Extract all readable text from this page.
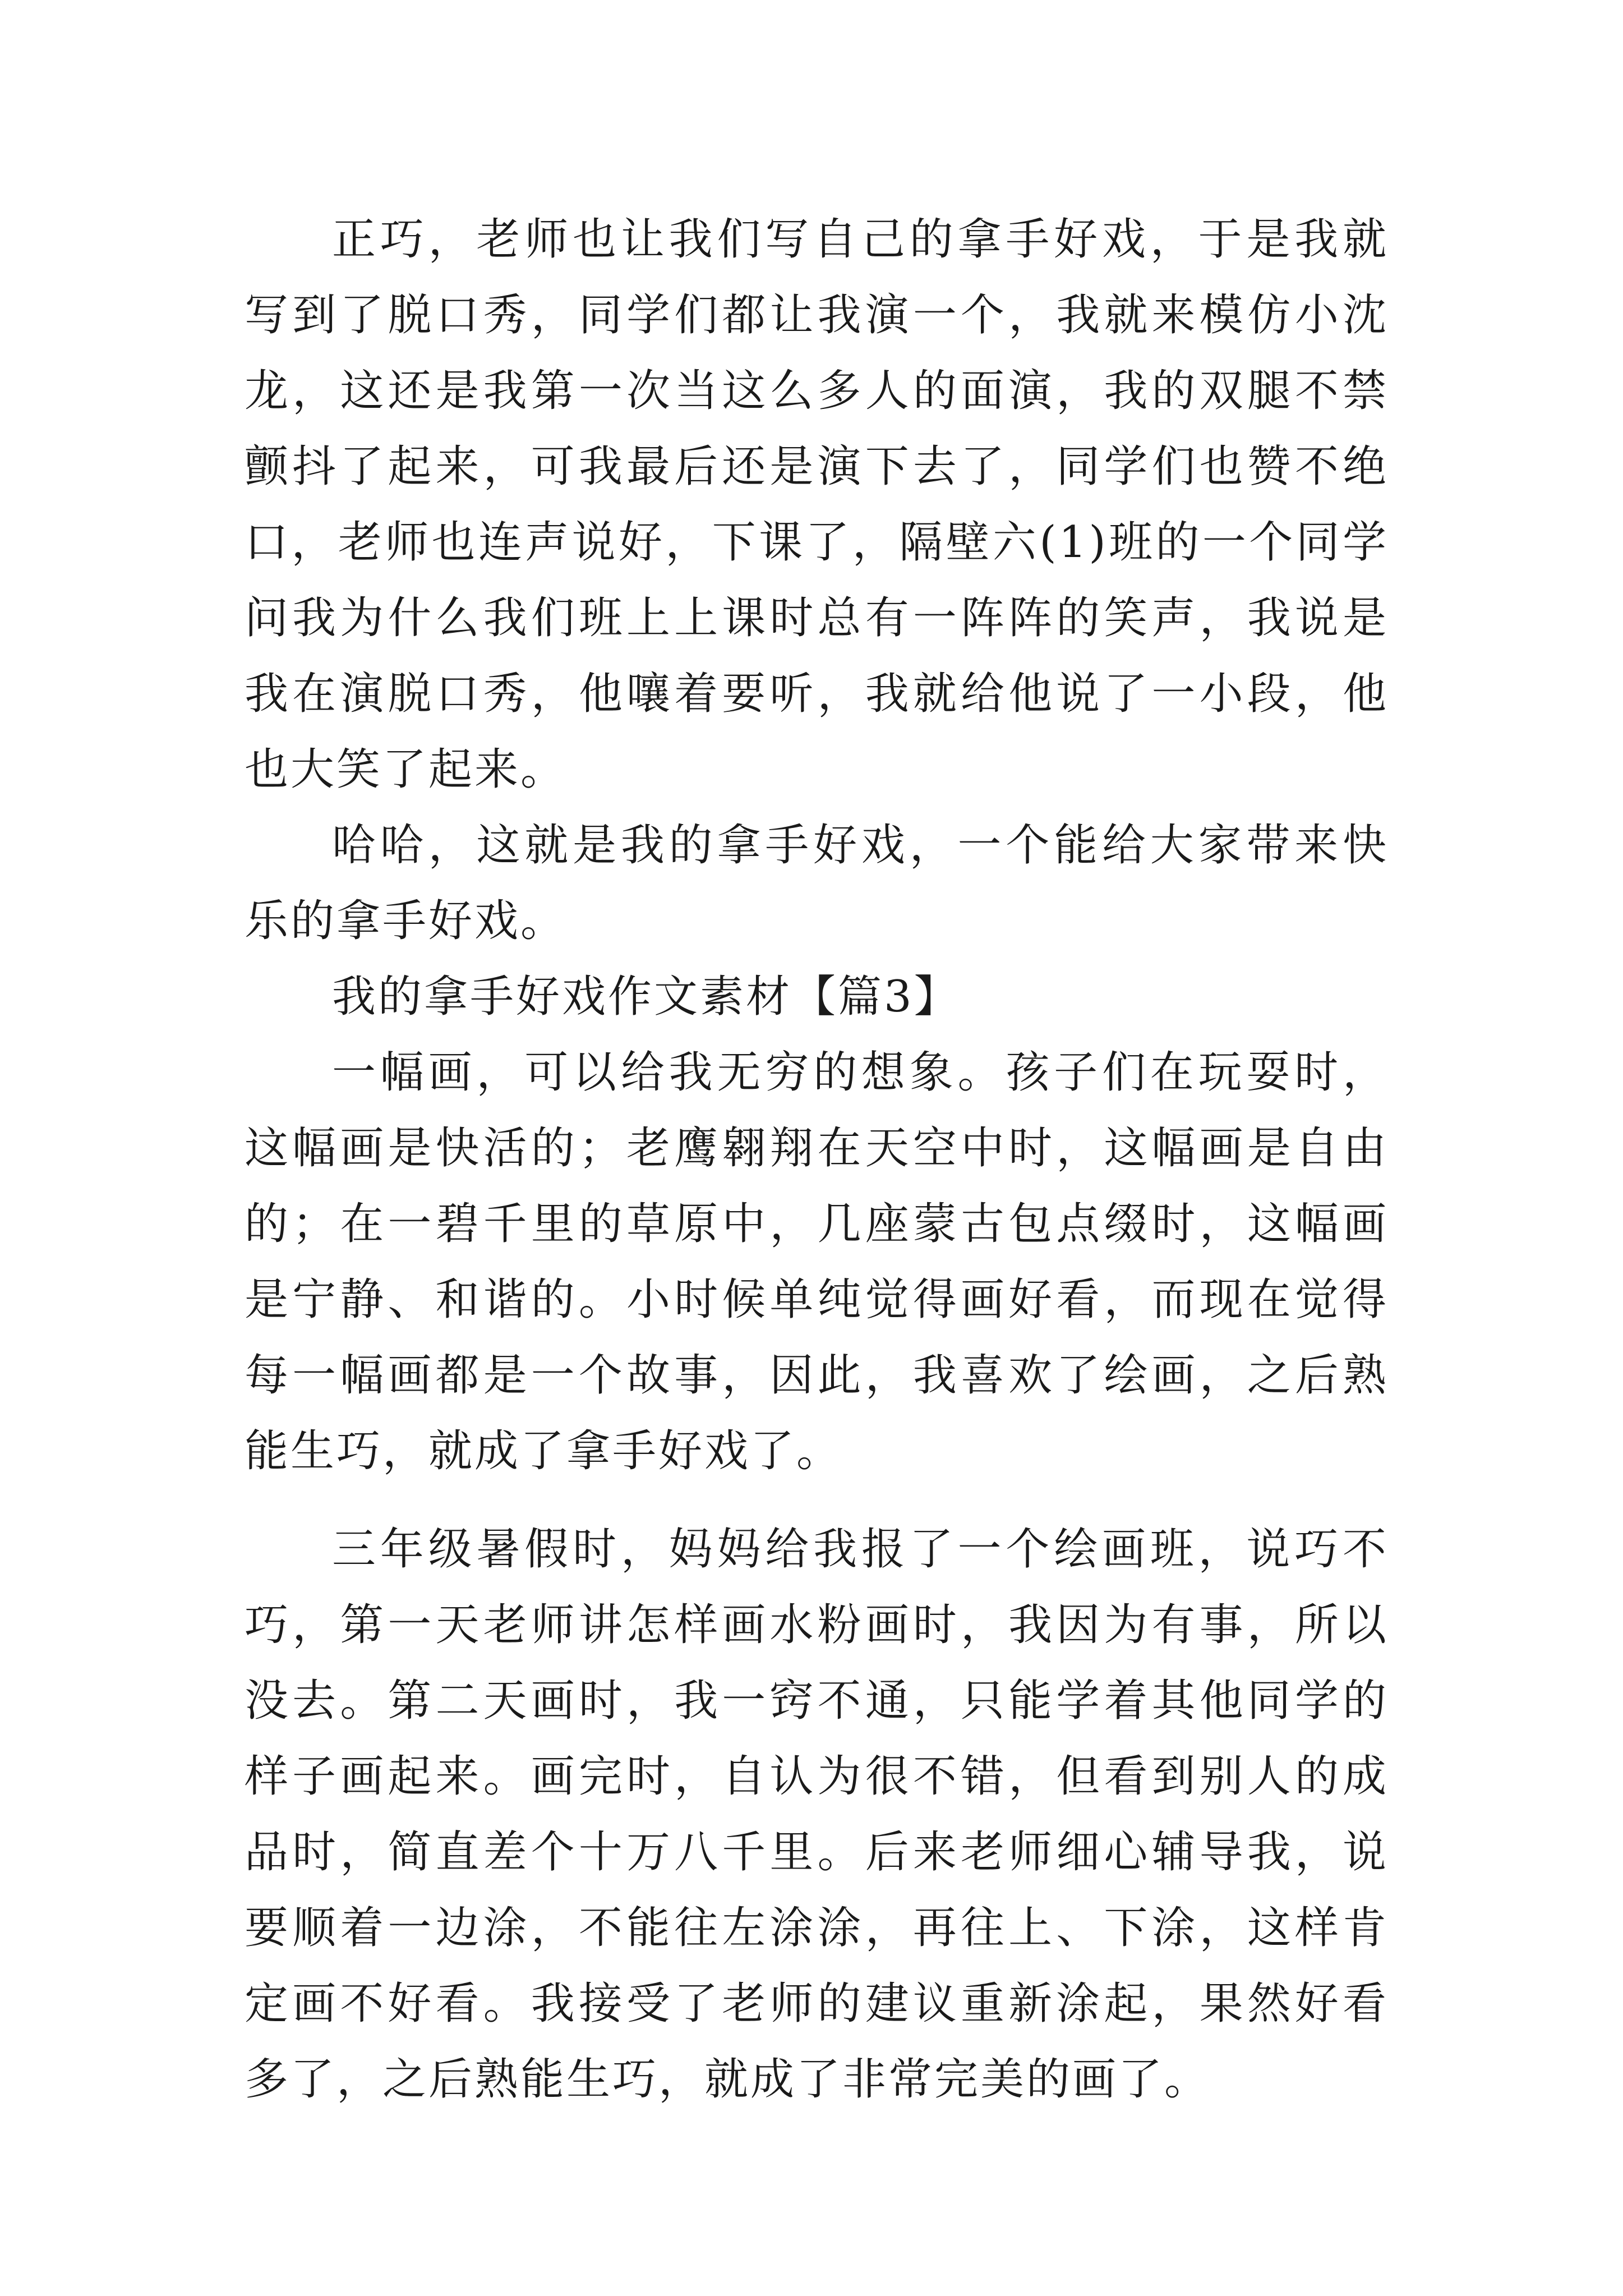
正巧，老师也让我们写自己的拿手好戏，于是我就写到了脱口秀，同学们都让我演一个，我就来模仿小沈龙，这还是我第一次当这么多人的面演，我的双腿不禁颤抖了起来，可我最后还是演下去了，同学们也赞不绝口，老师也连声说好，下课了，隔壁六(1)班的一个同学问我为什么我们班上上课时总有一阵阵的笑声，我说是我在演脱口秀，他嚷着要听，我就给他说了一小段，他也大笑了起来。

哈哈，这就是我的拿手好戏，一个能给大家带来快乐的拿手好戏。

我的拿手好戏作文素材【篇3】

一幅画，可以给我无穷的想象。孩子们在玩耍时，这幅画是快活的；老鹰翱翔在天空中时，这幅画是自由的；在一碧千里的草原中，几座蒙古包点缀时，这幅画是宁静、和谐的。小时候单纯觉得画好看，而现在觉得每一幅画都是一个故事，因此，我喜欢了绘画，之后熟能生巧，就成了拿手好戏了。

三年级暑假时，妈妈给我报了一个绘画班，说巧不巧，第一天老师讲怎样画水粉画时，我因为有事，所以没去。第二天画时，我一窍不通，只能学着其他同学的样子画起来。画完时，自认为很不错，但看到别人的成品时，简直差个十万八千里。后来老师细心辅导我，说要顺着一边涂，不能往左涂涂，再往上、下涂，这样肯定画不好看。我接受了老师的建议重新涂起，果然好看多了，之后熟能生巧，就成了非常完美的画了。
